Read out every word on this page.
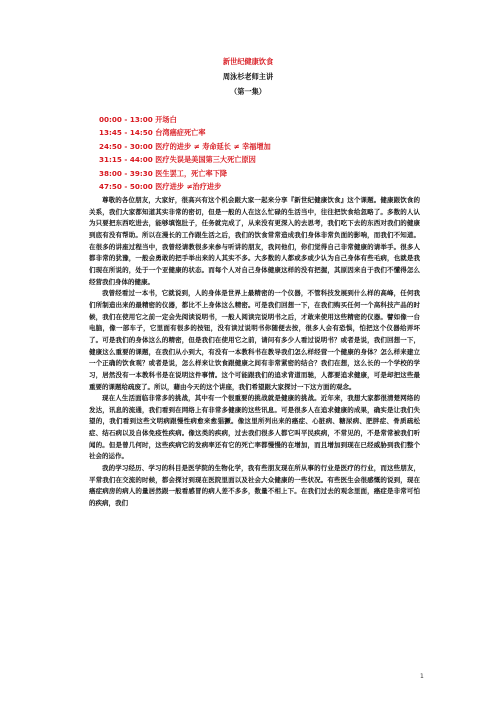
新世纪健康饮食
周泳杉老师主讲
（第一集）
00:00 - 13:00 开场白
13:45 - 14:50 台湾癌症死亡率
24:50 - 30:00 医疗的进步 ≠ 寿命延长 ≠ 幸福增加
31:15 - 44:00 医疗失误是美国第三大死亡原因
38:00 - 39:30 医生罢工，死亡率下降
47:50 - 50:00 医疗进步 ≠治疗进步

尊敬的各位朋友，大家好，很高兴有这个机会跟大家一起来分享『新世纪健康饮食』这个课题。健康跟饮食的关系，我们大家都知道其实非常的密切，但是一般的人在这么忙碌的生活当中，往往把饮食给忽略了。多数的人认为只要把东西吃进去，能够填饱肚子，任务就完成了，从来没有更深入的去思考，我们吃下去的东西对我们的健康到底有没有帮助。所以在漫长的工作跟生活之后，我们的饮食常常造成我们身体非常负面的影响，而我们不知道。在很多的讲座过程当中，我曾经请教很多来参与听讲的朋友，我问他们，你们觉得自己非常健康的请举手。很多人都非常的犹豫，一般会勇敢的把手举出来的人其实不多。大多数的人都或多或少认为自己身体有些毛病，也就是我们现在所说的，处于一个亚健康的状态。而每个人对自己身体健康这样的没有把握，其原因来自于我们不懂得怎么经营我们身体的健康。

我曾经看过一本书，它就说到，人的身体是世界上最精密的一个仪器，不管科技发展到什么样的高峰，任何我们所制造出来的最精密的仪器，都比不上身体这么精密。可是我们回想一下，在我们购买任何一个高科技产品的时候，我们在使用它之前一定会先阅读说明书，一般人阅读完说明书之后，才敢来使用这些精密的仪器。譬如像一台电脑，像一部车子，它里面有很多的按钮，没有读过说明书你随便去按，很多人会有恐惧，怕把这个仪器给弄坏了。可是我们的身体这么的精密，但是我们在使用它之前，请问有多少人看过说明书？或者是说，我们回想一下，健康这么重要的课题，在我们从小到大，有没有一本教科书在教导我们怎么样经营一个健康的身体？怎么样来建立一个正确的饮食观？或者是说，怎么样来让饮食跟健康之间有非常紧密的结合？我们在想，这么长的一个学校的学习，居然没有一本教科书是在说明这件事情。这个可能跟我们的追求背道而驰，人都要追求健康，可是却把这些最重要的课题给疏废了。所以，藉由今天的这个讲座，我们希望跟大家探讨一下这方面的观念。

现在人生活面临非常多的挑战，其中有一个很重要的挑战就是健康的挑战。近年来，我想大家都很清楚网络的发达，讯息的流通，我们看到在网络上有非常多健康的这些讯息。可是很多人在追求健康的成果，确实是让我们失望的，我们看到这些文明病跟慢性病愈来愈猖獗。像这里所列出来的癌症、心脏病、糖尿病、肥胖症、骨质疏松症、结石病以及自体免疫性疾病。像这类的疾病，过去我们很多人都它叫平民疾病，不常见的，不是常常被我们听闻的。但是曾几何时，这些疾病它的发病率还有它的死亡率都慢慢的在增加，而且增加到现在已经威胁到我们整个社会的运作。

我的学习经历、学习的科目是医学院的生物化学，我有些朋友现在所从事的行业是医疗的行业，而这些朋友，平常我们在交流的时候，都会探讨到现在医院里面以及社会大众健康的一些状况。有些医生会很感慨的说到，现在癌症病房的病人的量居然跟一般看感冒的病人差不多多，数量不相上下。在我们过去的观念里面，癌症是非常可怕的疾病，我们

1
